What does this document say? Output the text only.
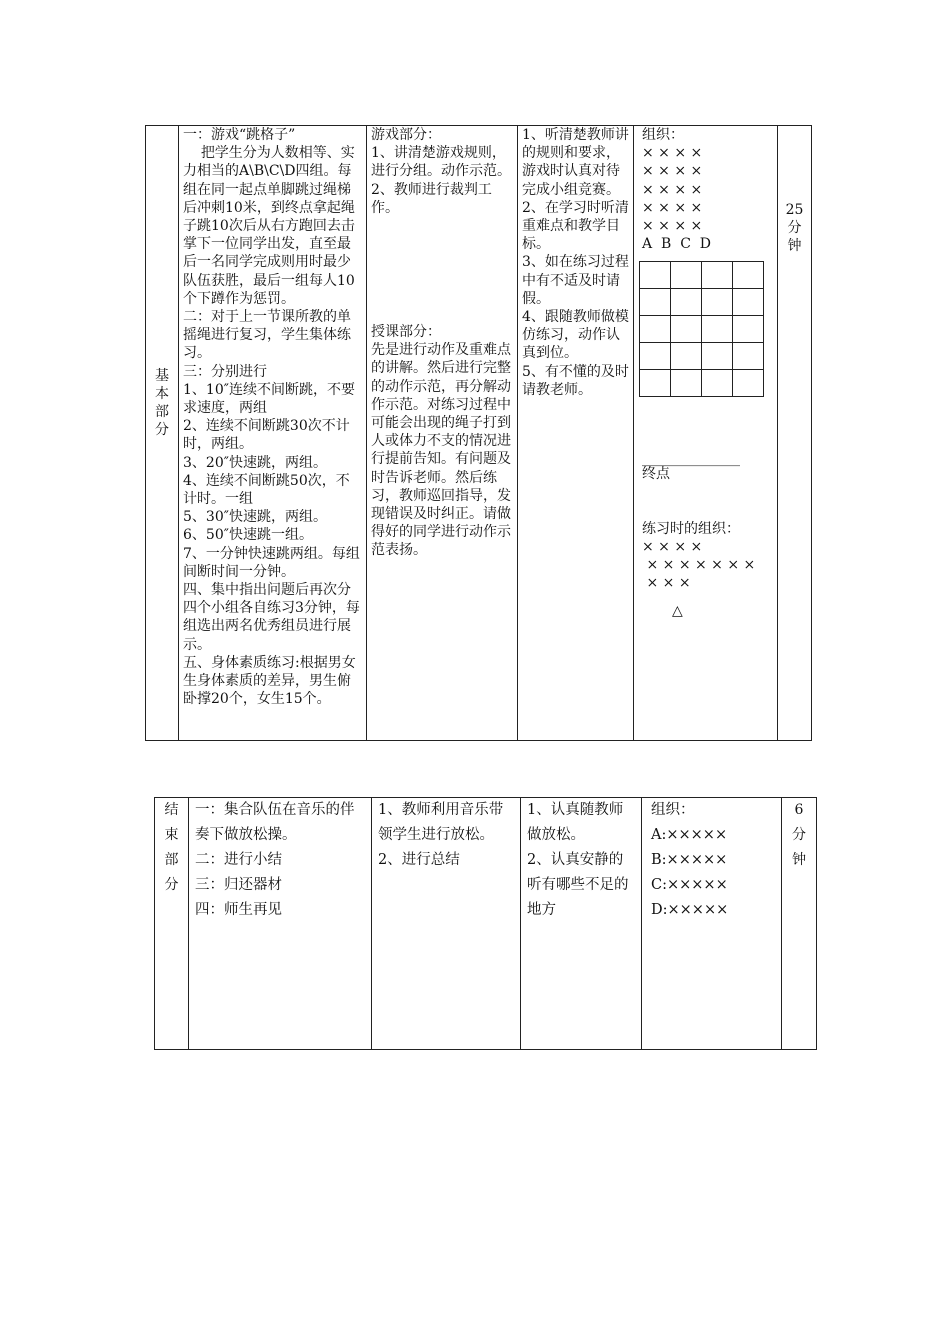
基本部分

一：游戏“跳格子”
把学生分为人数相等、实力相当的A\B\C\D四组。每组在同一起点单脚跳过绳梯后冲刺10米，到终点拿起绳子跳10次后从右方跑回去击掌下一位同学出发，直至最后一名同学完成则用时最少队伍获胜，最后一组每人10个下蹲作为惩罚。
二：对于上一节课所教的单摇绳进行复习，学生集体练习。
三：分别进行
1、10″连续不间断跳，不要求速度，两组
2、连续不间断跳30次不计时，两组。
3、20″快速跳，两组。
4、连续不间断跳50次，不计时。一组
5、30″快速跳，两组。
6、50″快速跳一组。
7、一分钟快速跳两组。每组间断时间一分钟。
四、集中指出问题后再次分四个小组各自练习3分钟，每组选出两名优秀组员进行展示。
五、身体素质练习:根据男女生身体素质的差异，男生俯卧撑20个，女生15个。

游戏部分：
1、讲清楚游戏规则，进行分组。动作示范。
2、教师进行裁判工作。
授课部分：
先是进行动作及重难点的讲解。然后进行完整的动作示范，再分解动作示范。对练习过程中可能会出现的绳子打到人或体力不支的情况进行提前告知。有问题及时告诉老师。然后练习，教师巡回指导，发现错误及时纠正。请做得好的同学进行动作示范表扬。

1、听清楚教师讲的规则和要求，游戏时认真对待完成小组竞赛。
2、在学习时听清重难点和教学目标。
3、如在练习过程中有不适及时请假。
4、跟随教师做模仿练习，动作认真到位。
5、有不懂的及时请教老师。

组织：
× × × ×
× × × ×
× × × ×
× × × ×
× × × ×
A  B  C  D

______________
终点
练习时的组织：
× × × ×
× × × × × × ×
× × ×
△

25分钟
结束部分

一：集合队伍在音乐的伴奏下做放松操。
二：进行小结
三：归还器材
四：师生再见

1、教师利用音乐带领学生进行放松。
2、进行总结

1、认真随教师做放松。
2、认真安静的听有哪些不足的地方

组织：
A:×××××
B:×××××
C:×××××
D:×××××

6分钟
